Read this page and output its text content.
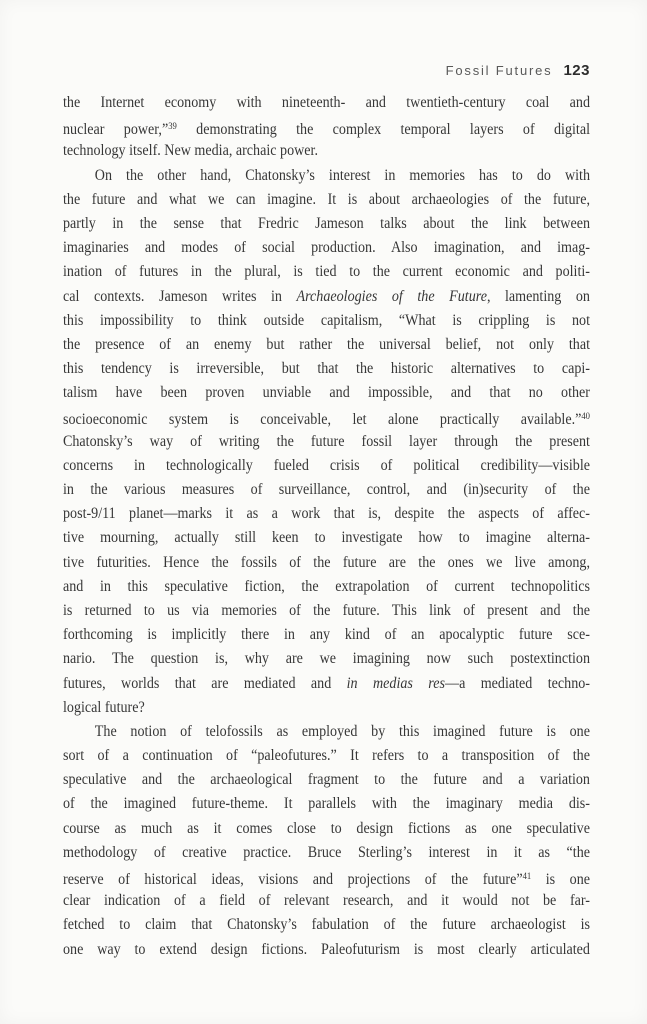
Fossil Futures 123
the Internet economy with nineteenth- and twentieth-century coal and
nuclear power,”$^{39}$ demonstrating the complex temporal layers of digital
technology itself. New media, archaic power.
On the other hand, Chatonsky’s interest in memories has to do with
the future and what we can imagine. It is about archaeologies of the future,
partly in the sense that Fredric Jameson talks about the link between
imaginaries and modes of social production. Also imagination, and imag-
ination of futures in the plural, is tied to the current economic and politi-
cal contexts. Jameson writes in Archaeologies of the Future, lamenting on
this impossibility to think outside capitalism, “What is crippling is not
the presence of an enemy but rather the universal belief, not only that
this tendency is irreversible, but that the historic alternatives to capi-
talism have been proven unviable and impossible, and that no other
socioeconomic system is conceivable, let alone practically available.”$^{40}$
Chatonsky’s way of writing the future fossil layer through the present
concerns in technologically fueled crisis of political credibility—visible
in the various measures of surveillance, control, and (in)security of the
post-9/11 planet—marks it as a work that is, despite the aspects of affec-
tive mourning, actually still keen to investigate how to imagine alterna-
tive futurities. Hence the fossils of the future are the ones we live among,
and in this speculative fiction, the extrapolation of current technopolitics
is returned to us via memories of the future. This link of present and the
forthcoming is implicitly there in any kind of an apocalyptic future sce-
nario. The question is, why are we imagining now such postextinction
futures, worlds that are mediated and in medias res—a mediated techno-
logical future?
The notion of telofossils as employed by this imagined future is one
sort of a continuation of “paleofutures.” It refers to a transposition of the
speculative and the archaeological fragment to the future and a variation
of the imagined future-theme. It parallels with the imaginary media dis-
course as much as it comes close to design fictions as one speculative
methodology of creative practice. Bruce Sterling’s interest in it as “the
reserve of historical ideas, visions and projections of the future”$^{41}$ is one
clear indication of a field of relevant research, and it would not be far-
fetched to claim that Chatonsky’s fabulation of the future archaeologist is
one way to extend design fictions. Paleofuturism is most clearly articulated
